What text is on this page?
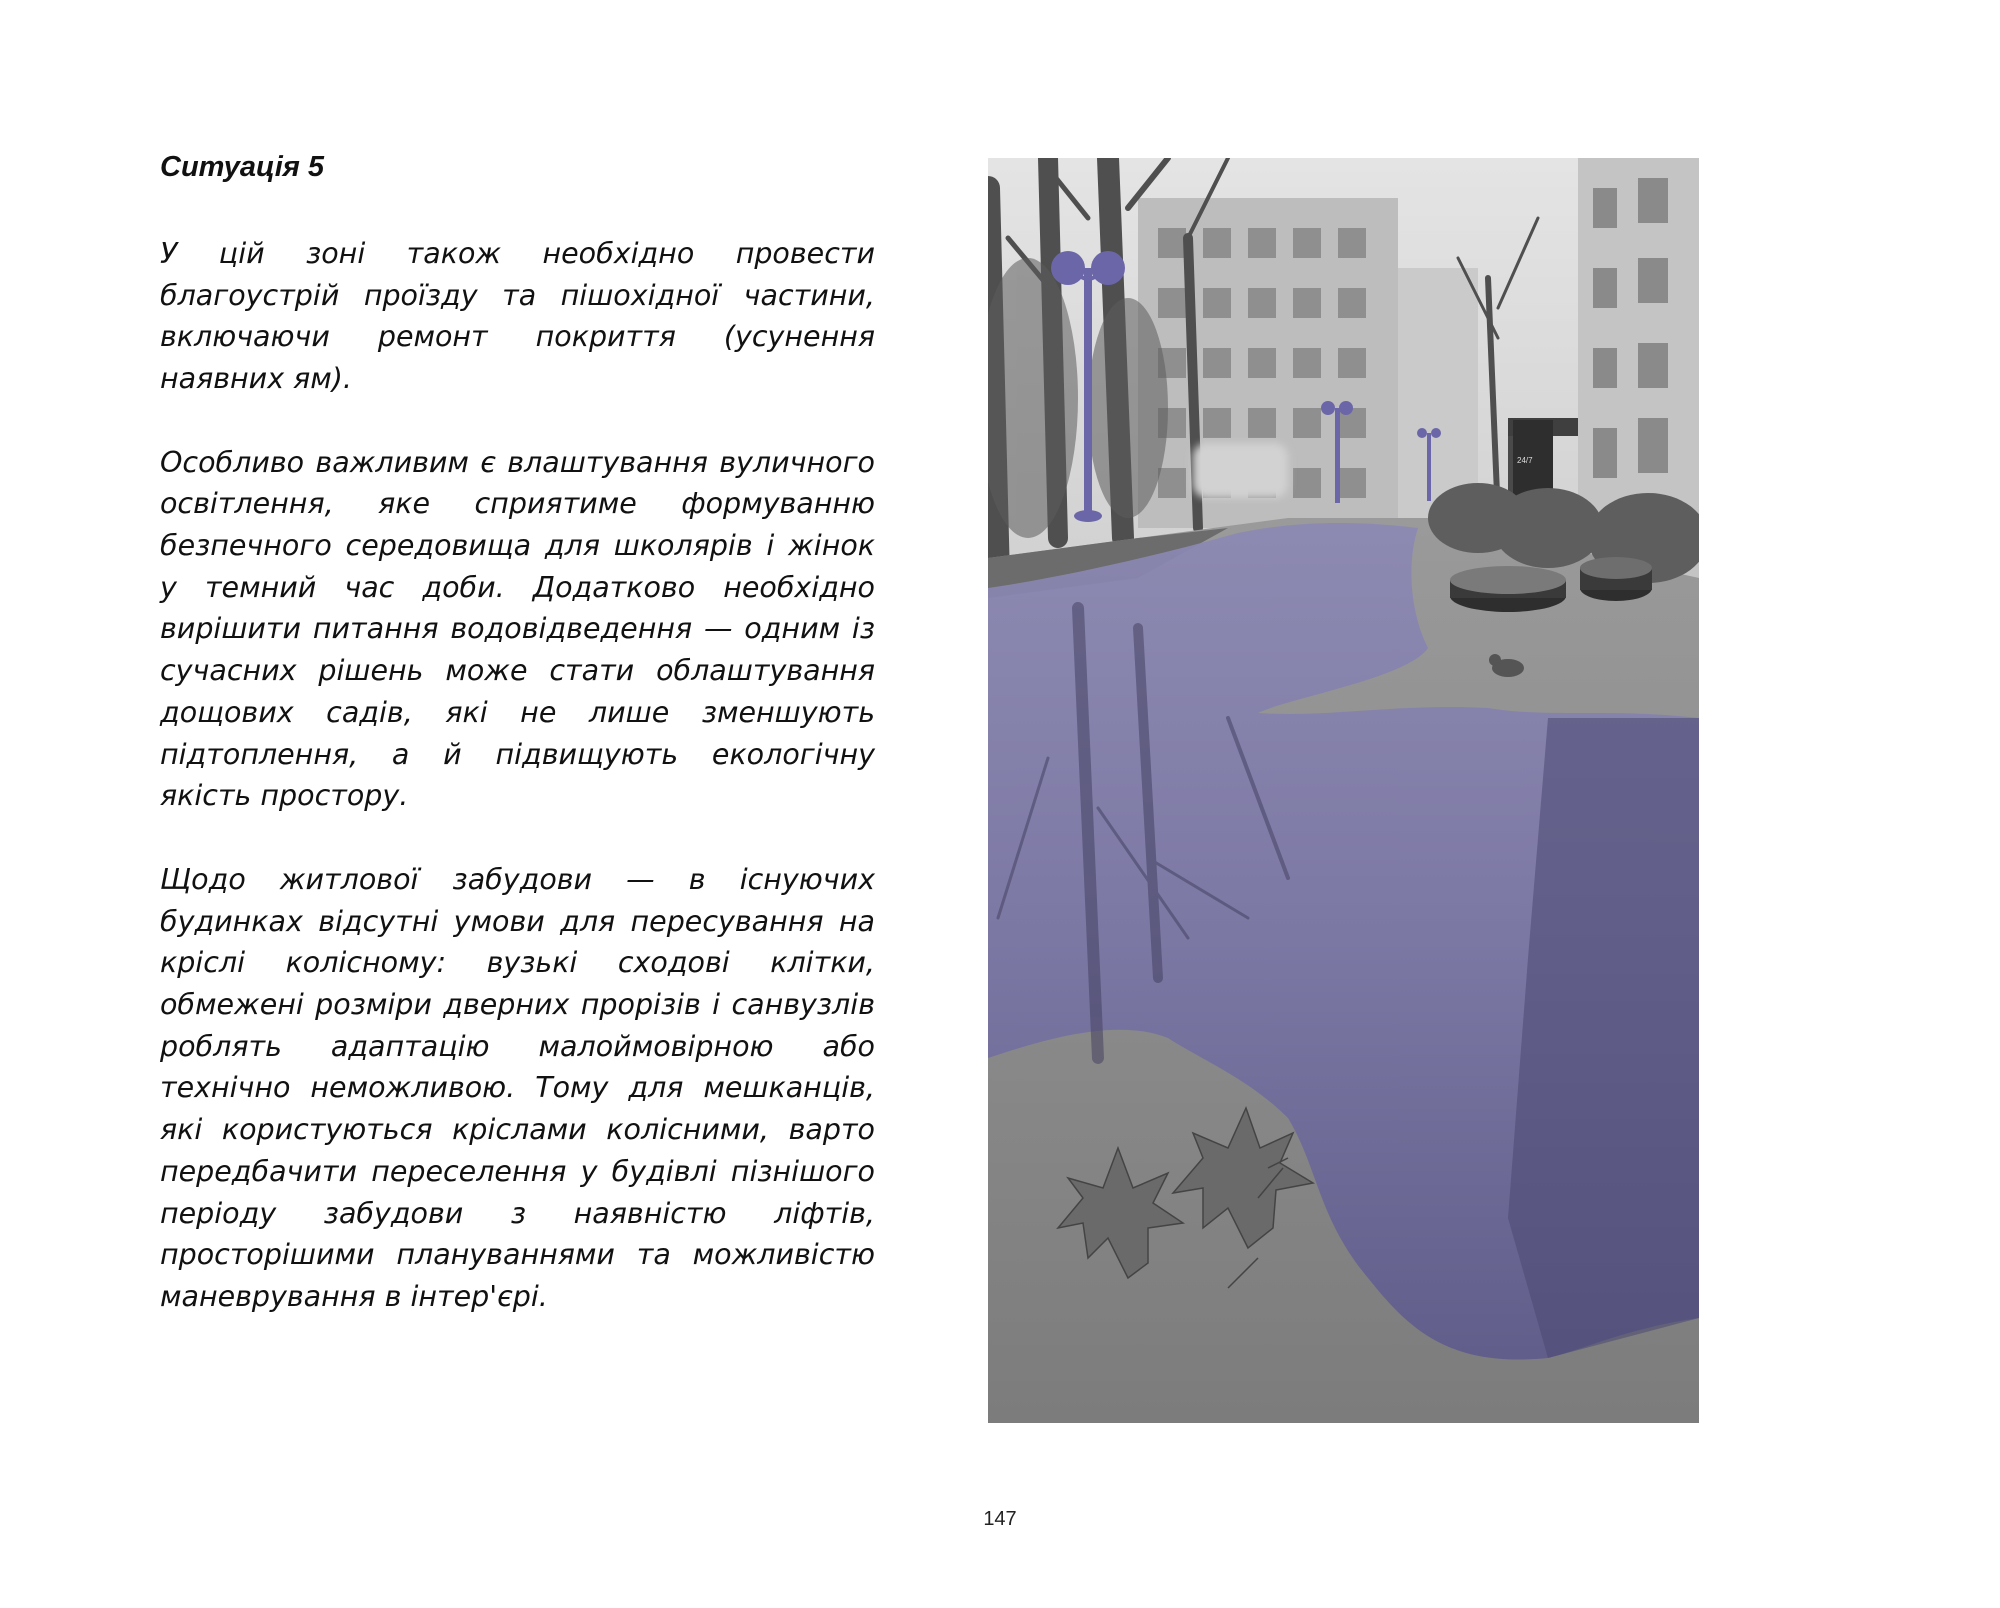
Ситуація 5

У цій зоні також необхідно провести благоустрій проїзду та пішохідної частини, включаючи ремонт покриття (усунення наявних ям).

Особливо важливим є влаштування вуличного освітлення, яке сприятиме формуванню безпечного середовища для школярів і жінок у темний час доби. Додатково необхідно вирішити питання водовідведення — одним із сучасних рішень може стати облаштування дощових садів, які не лише зменшують підтоплення, а й підвищують екологічну якість простору.

Щодо житлової забудови — в існуючих будинках відсутні умови для пересування на кріслі колісному: вузькі сходові клітки, обмежені розміри дверних прорізів і санвузлів роблять адаптацію малоймовірною або технічно неможливою. Тому для мешканців, які користуються кріслами колісними, варто передбачити переселення у будівлі пізнішого періоду забудови з наявністю ліфтів, просторішими плануваннями та можливістю маневрування в інтер'єрі.

24/7
147
